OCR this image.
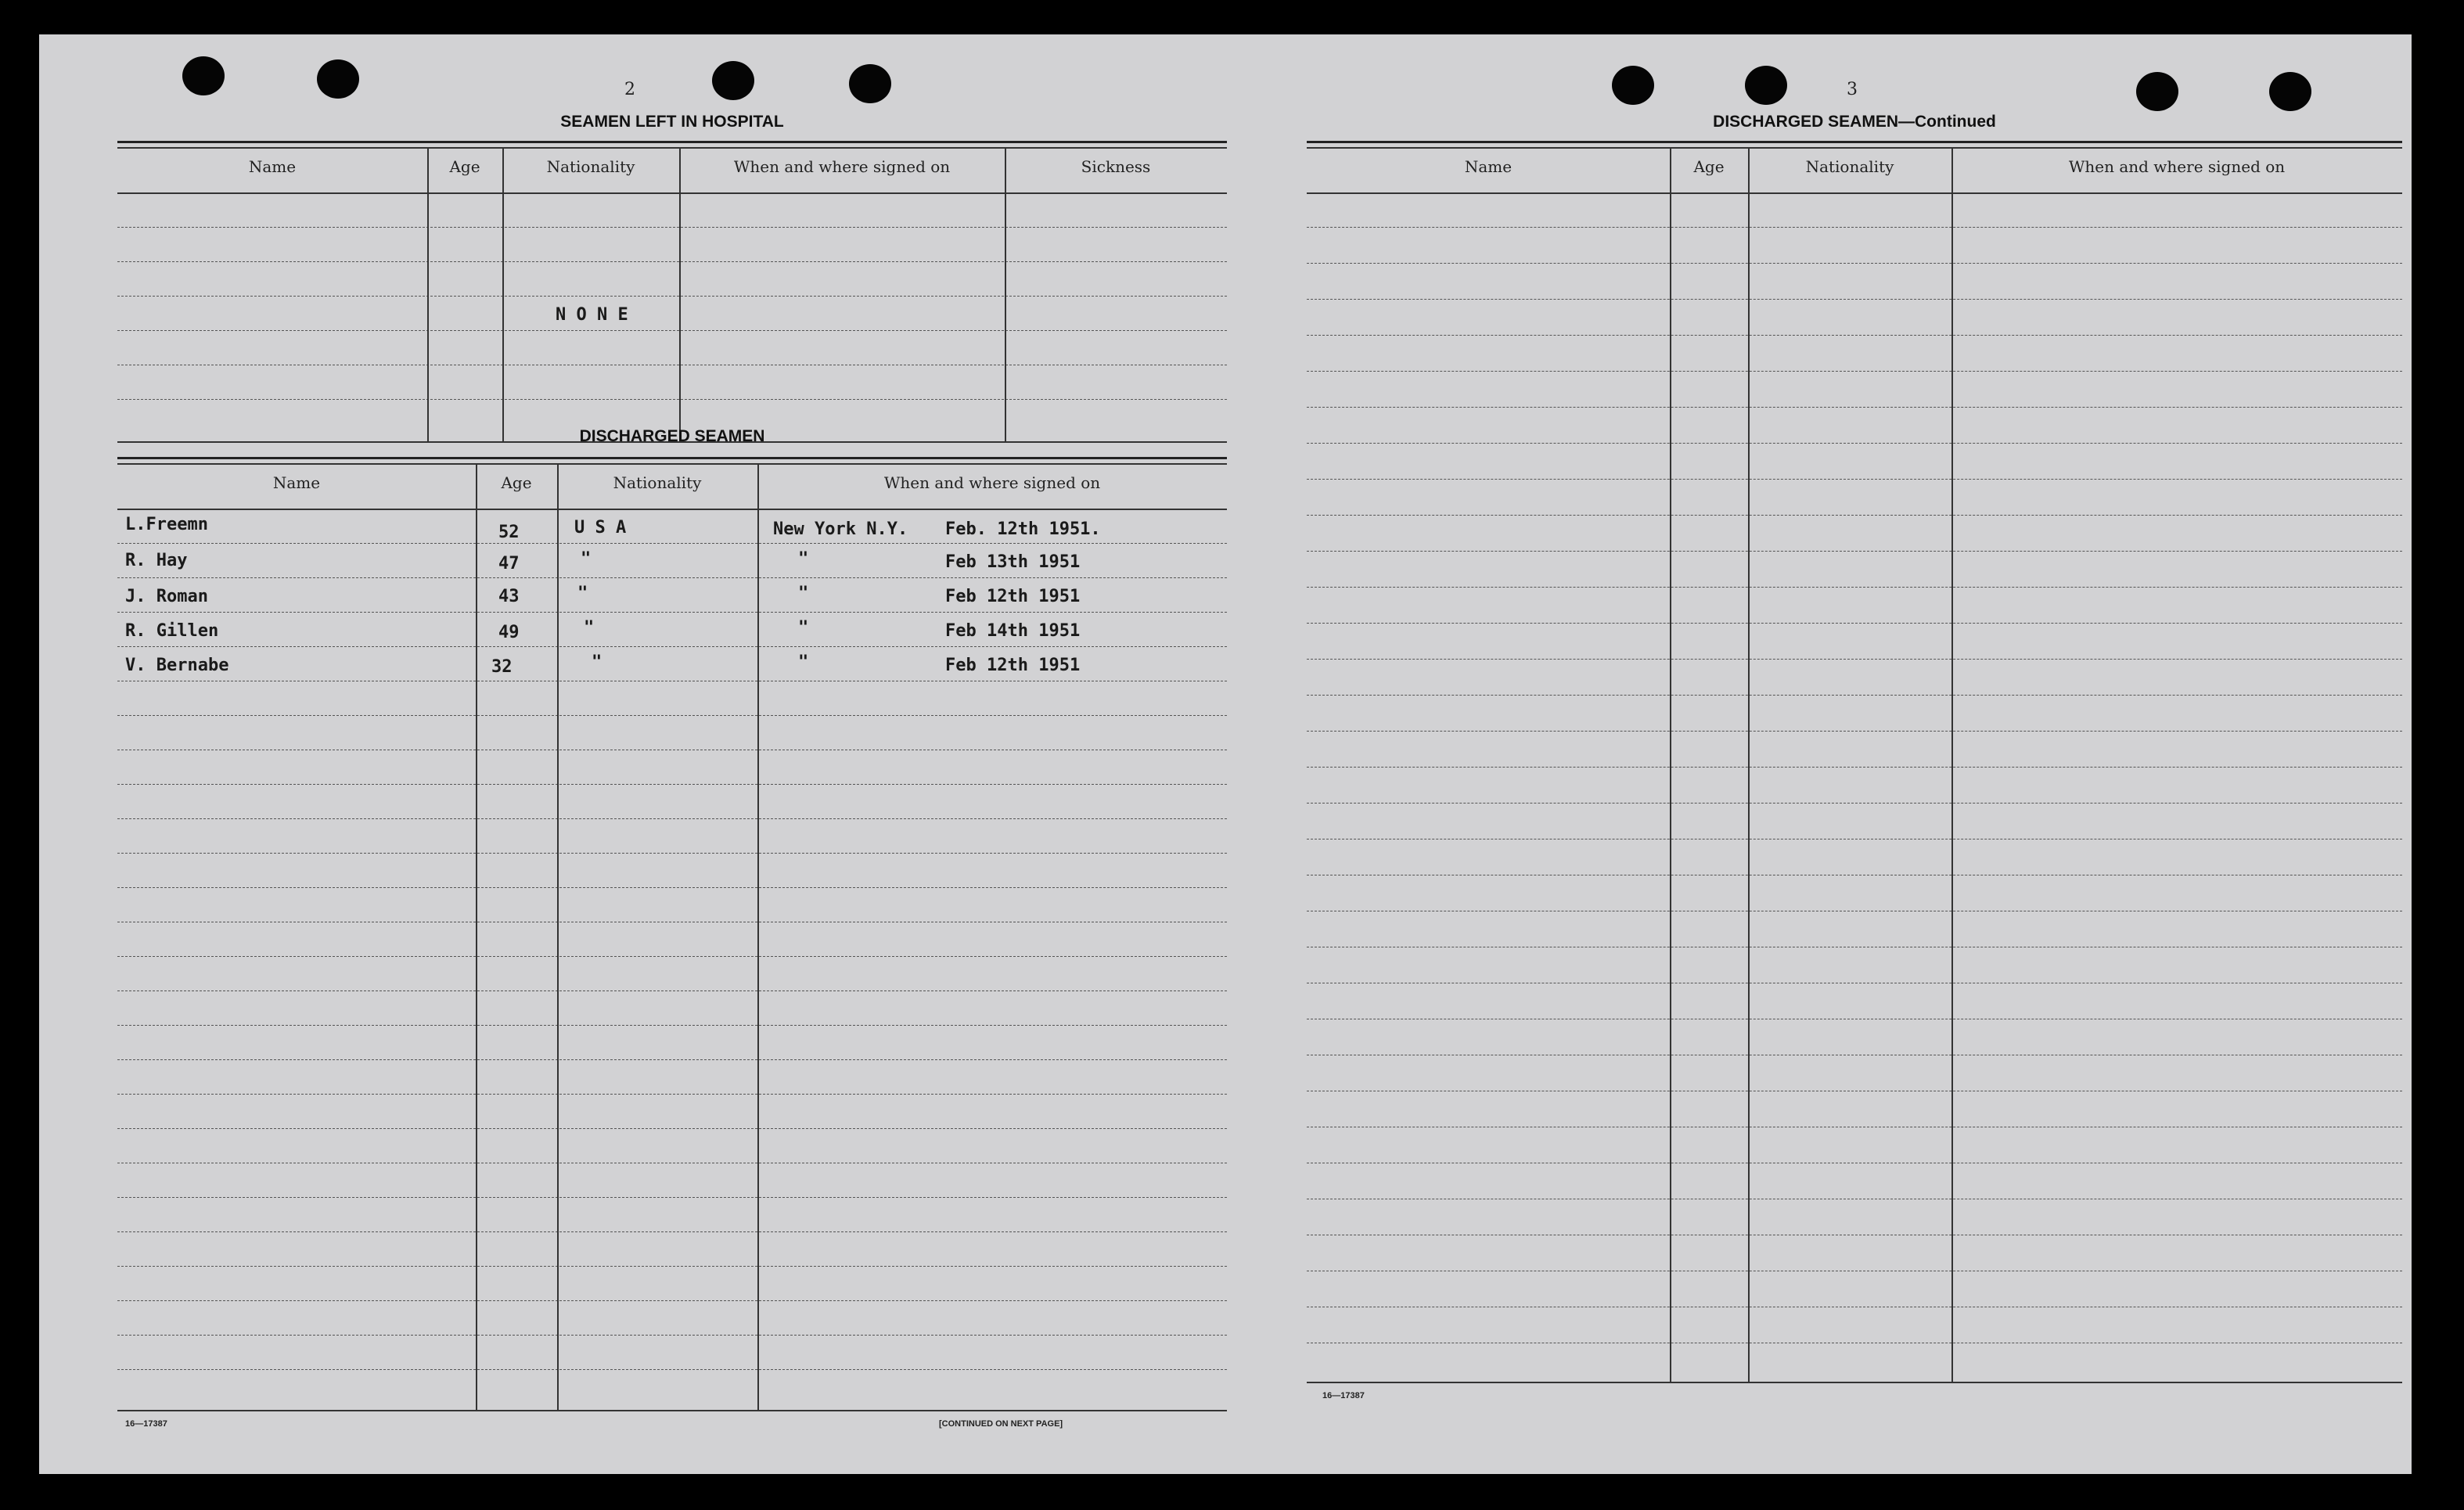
2	3
SEAMEN LEFT IN HOSPITAL
Name	Age	Nationality	When and where signed on	Sickness
N O N E
DISCHARGED SEAMEN
Name	Age	Nationality	When and where signed on
L.Freemn	52	U S A	New York N.Y. Feb. 12th 1951.
R. Hay	47	"	"	Feb 13th 1951
J. Roman	43	"	"	Feb 12th 1951
R. Gillen	49	"	"	Feb 14th 1951
V. Bernabe	32	"	"	Feb 12th 1951
16—17387	[CONTINUED ON NEXT PAGE]
DISCHARGED SEAMEN—Continued
Name	Age	Nationality	When and where signed on
16—17387
